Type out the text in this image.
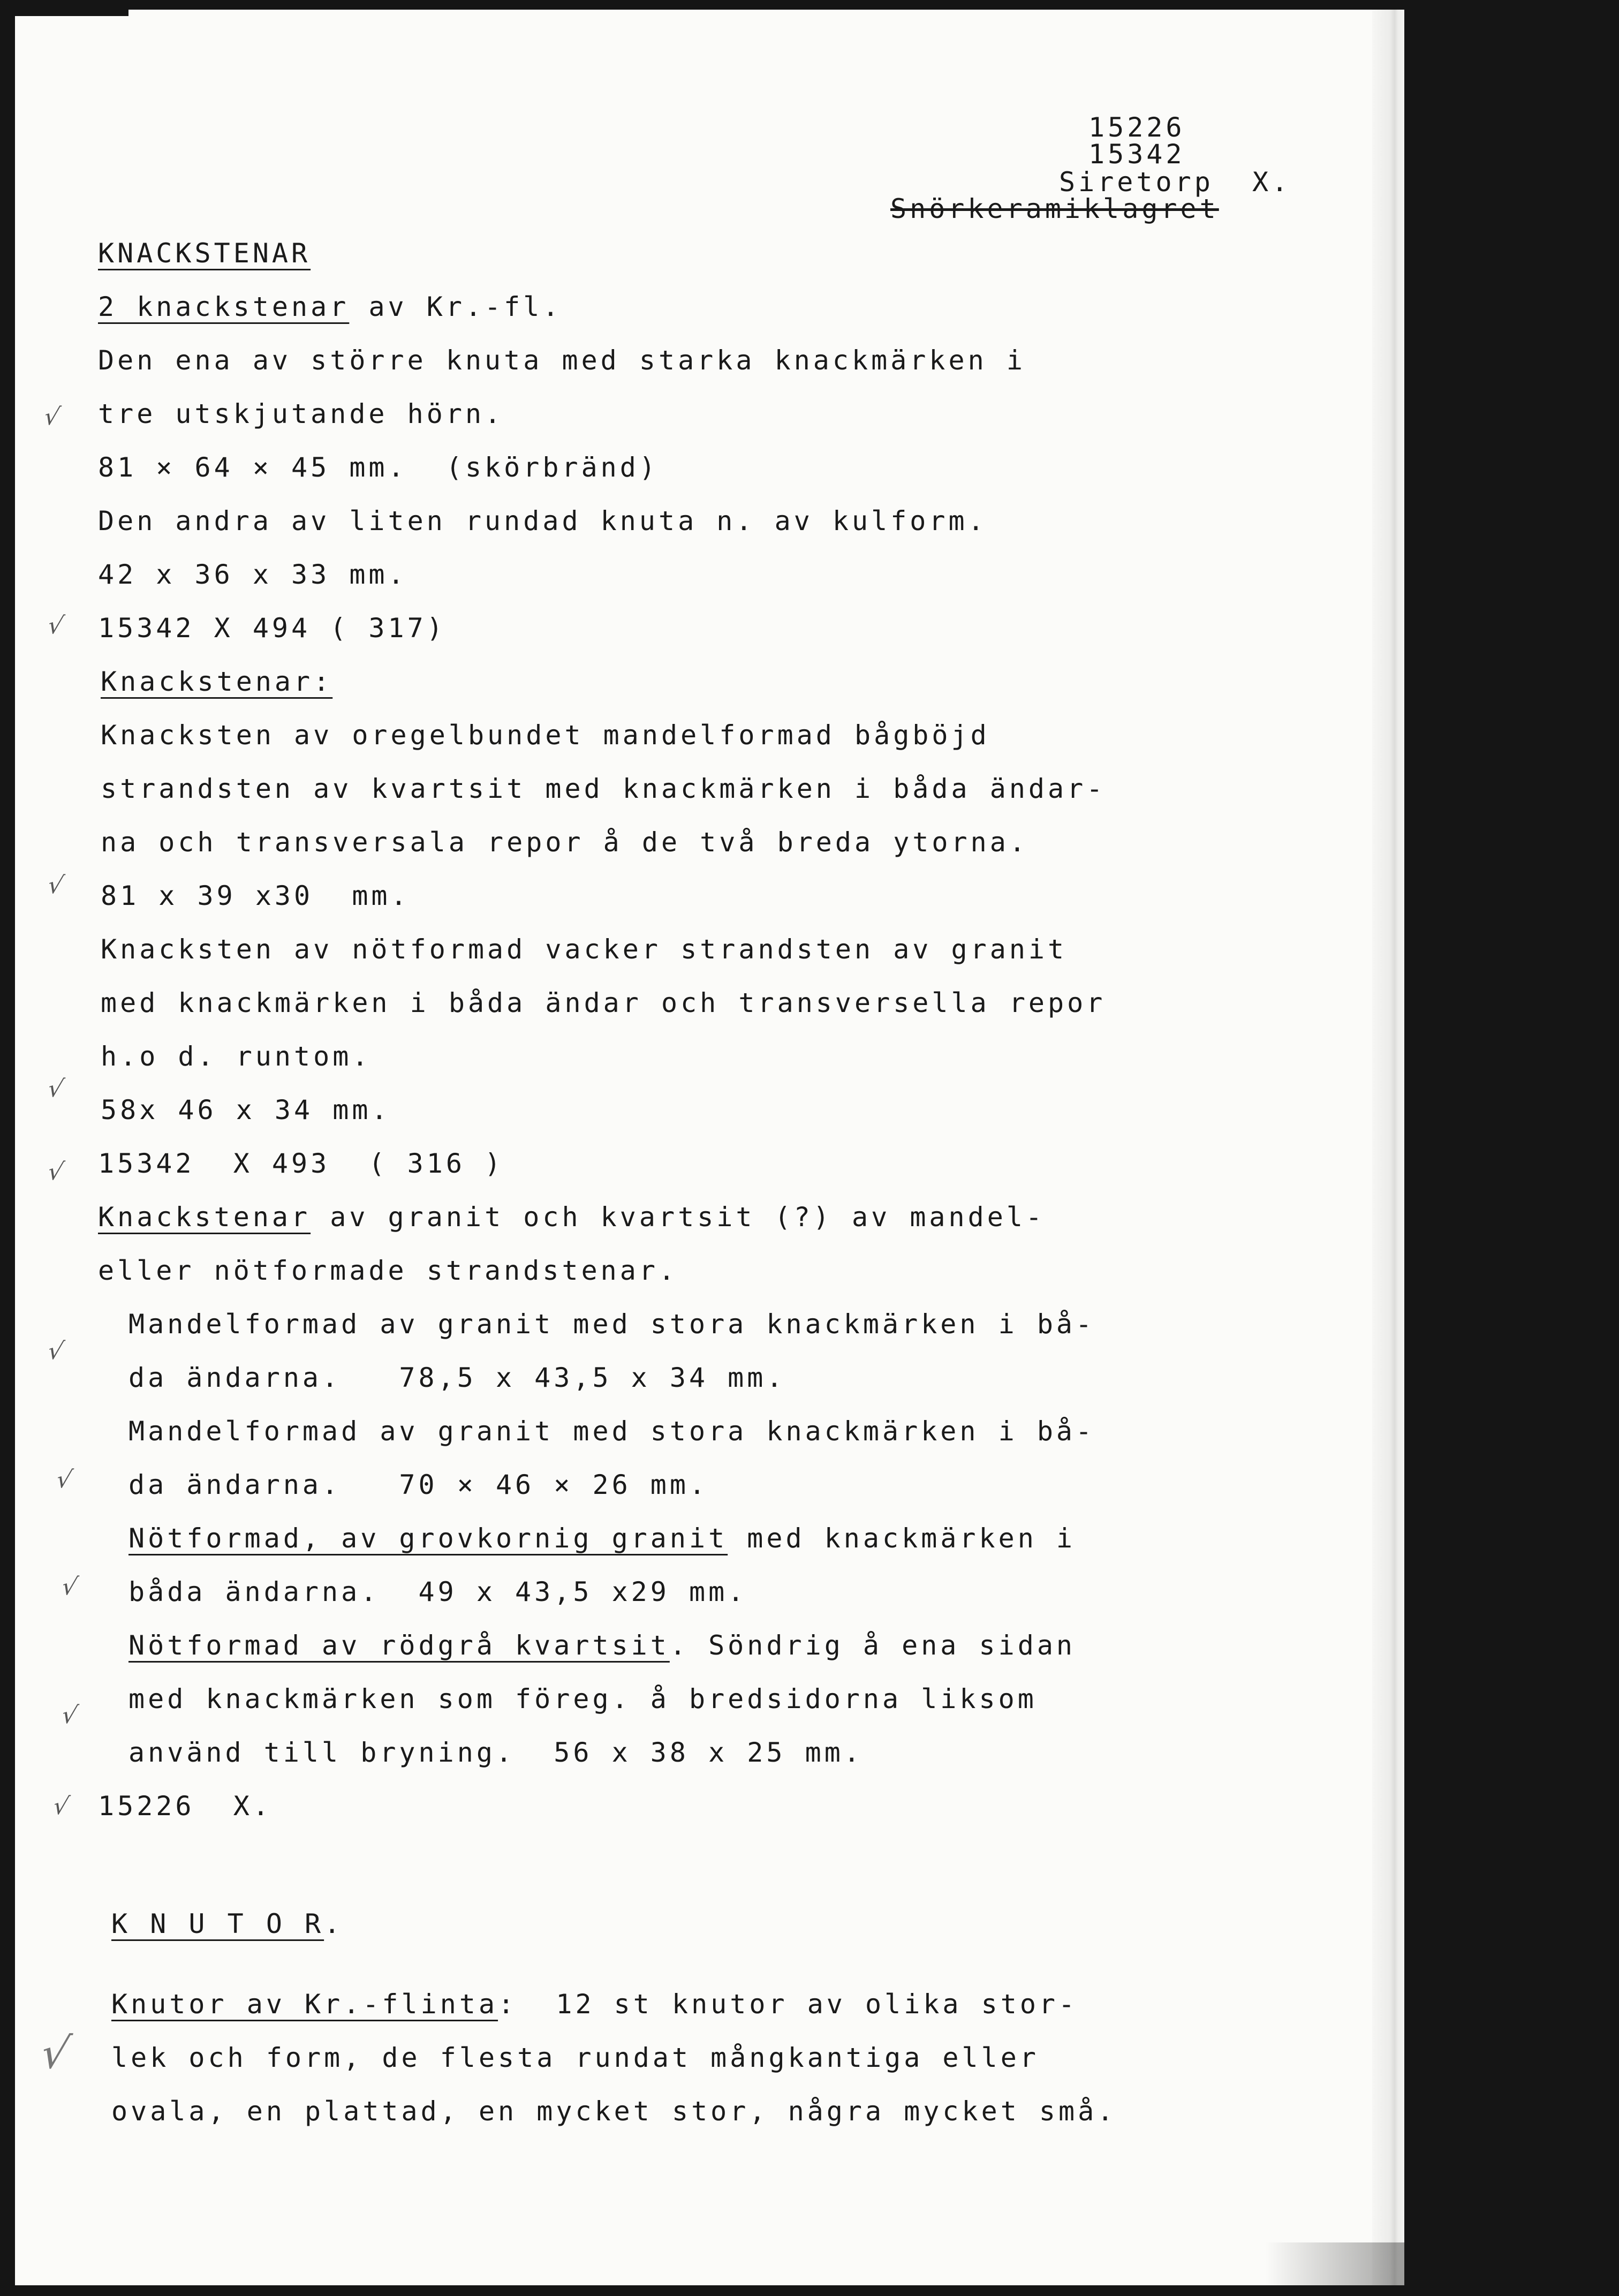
15226
15342
Siretorp  X.
Snörkeramiklagret
KNACKSTENAR
2 knackstenar av Kr.-fl.
Den ena av större knuta med starka knackmärken i
tre utskjutande hörn.
81 × 64 × 45 mm.  (skörbränd)
Den andra av liten rundad knuta n. av kulform.
42 x 36 x 33 mm.
15342 X 494 ( 317)
Knackstenar:
Knacksten av oregelbundet mandelformad bågböjd
strandsten av kvartsit med knackmärken i båda ändar-
na och transversala repor å de två breda ytorna.
81 x 39 x30  mm.
Knacksten av nötformad vacker strandsten av granit
med knackmärken i båda ändar och transversella repor
h.o d. runtom.
58x 46 x 34 mm.
15342  X 493  ( 316 )
Knackstenar av granit och kvartsit (?) av mandel-
eller nötformade strandstenar.
Mandelformad av granit med stora knackmärken i bå-
da ändarna.   78,5 x 43,5 x 34 mm.
Mandelformad av granit med stora knackmärken i bå-
da ändarna.   70 × 46 × 26 mm.
Nötformad, av grovkornig granit med knackmärken i
båda ändarna.  49 x 43,5 x29 mm.
Nötformad av rödgrå kvartsit. Söndrig å ena sidan
med knackmärken som föreg. å bredsidorna liksom
använd till bryning.  56 x 38 x 25 mm.
15226  X.
K N U T O R.
Knutor av Kr.-flinta:  12 st knutor av olika stor-
lek och form, de flesta rundat mångkantiga eller
ovala, en plattad, en mycket stor, några mycket små.
√
√
√
√
√
√
√
√
√
√
√
